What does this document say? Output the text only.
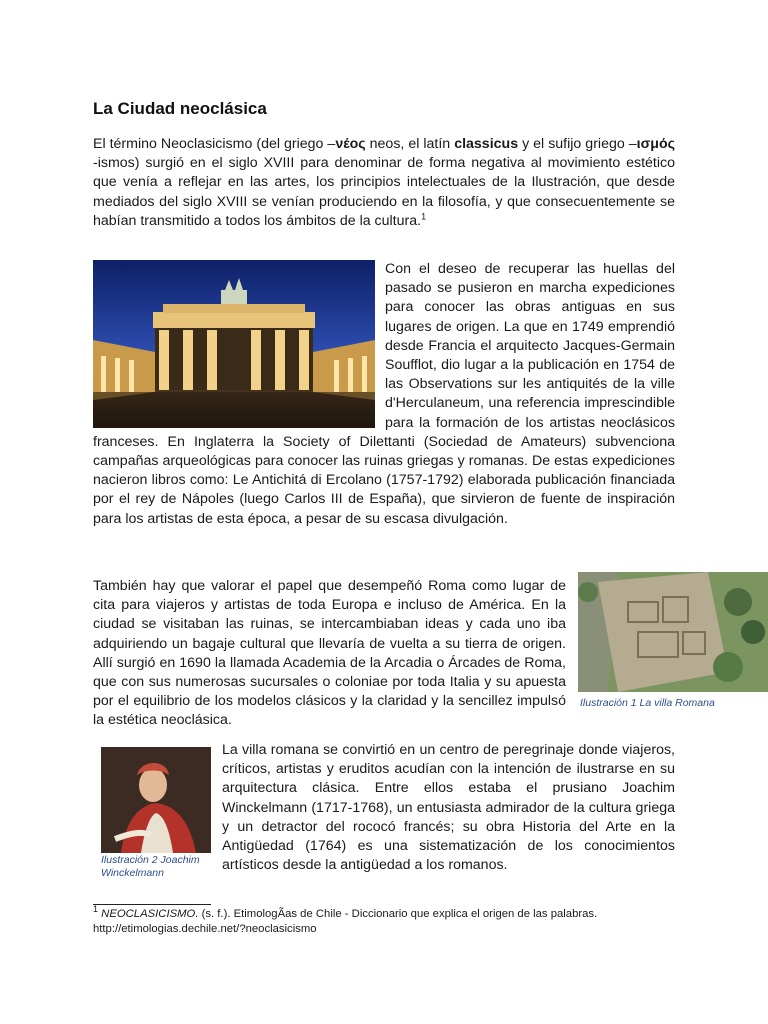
La Ciudad neoclásica

El término Neoclasicismo (del griego –νέος neos, el latín classicus y el sufijo griego –ισμός -ismos) surgió en el siglo XVIII para denominar de forma negativa al movimiento estético que venía a reflejar en las artes, los principios intelectuales de la Ilustración, que desde mediados del siglo XVIII se venían produciendo en la filosofía, y que consecuentemente se habían transmitido a todos los ámbitos de la cultura.$^1$

Con el deseo de recuperar las huellas del pasado se pusieron en marcha expediciones para conocer las obras antiguas en sus lugares de origen. La que en 1749 emprendió desde Francia el arquitecto Jacques-Germain Soufflot, dio lugar a la publicación en 1754 de las Observations sur les antiquités de la ville d'Herculaneum, una referencia imprescindible para la formación de los artistas neoclásicos franceses. En Inglaterra la Society of Dilettanti (Sociedad de Amateurs) subvenciona campañas arqueológicas para conocer las ruinas griegas y romanas. De estas expediciones nacieron libros como: Le Antichitá di Ercolano (1757-1792) elaborada publicación financiada por el rey de Nápoles (luego Carlos III de España), que sirvieron de fuente de inspiración para los artistas de esta época, a pesar de su escasa divulgación.

También hay que valorar el papel que desempeñó Roma como lugar de cita para viajeros y artistas de toda Europa e incluso de América. En la ciudad se visitaban las ruinas, se intercambiaban ideas y cada uno iba adquiriendo un bagaje cultural que llevaría de vuelta a su tierra de origen. Allí surgió en 1690 la llamada Academia de la Arcadia o Árcades de Roma, que con sus numerosas sucursales o coloniae por toda Italia y su apuesta por el equilibrio de los modelos clásicos y la claridad y la sencillez impulsó la estética neoclásica.

Ilustración 1 La villa Romana
Ilustración 2 Joachim Winckelmann

La villa romana se convirtió en un centro de peregrinaje donde viajeros, críticos, artistas y eruditos acudían con la intención de ilustrarse en su arquitectura clásica. Entre ellos estaba el prusiano Joachim Winckelmann (1717-1768), un entusiasta admirador de la cultura griega y un detractor del rococó francés; su obra Historia del Arte en la Antigüedad (1764) es una sistematización de los conocimientos artísticos desde la antigüedad a los romanos.

$^1$ NEOCLASICISMO. (s. f.). EtimologÃas de Chile - Diccionario que explica el origen de las palabras.
http://etimologias.dechile.net/?neoclasicismo
